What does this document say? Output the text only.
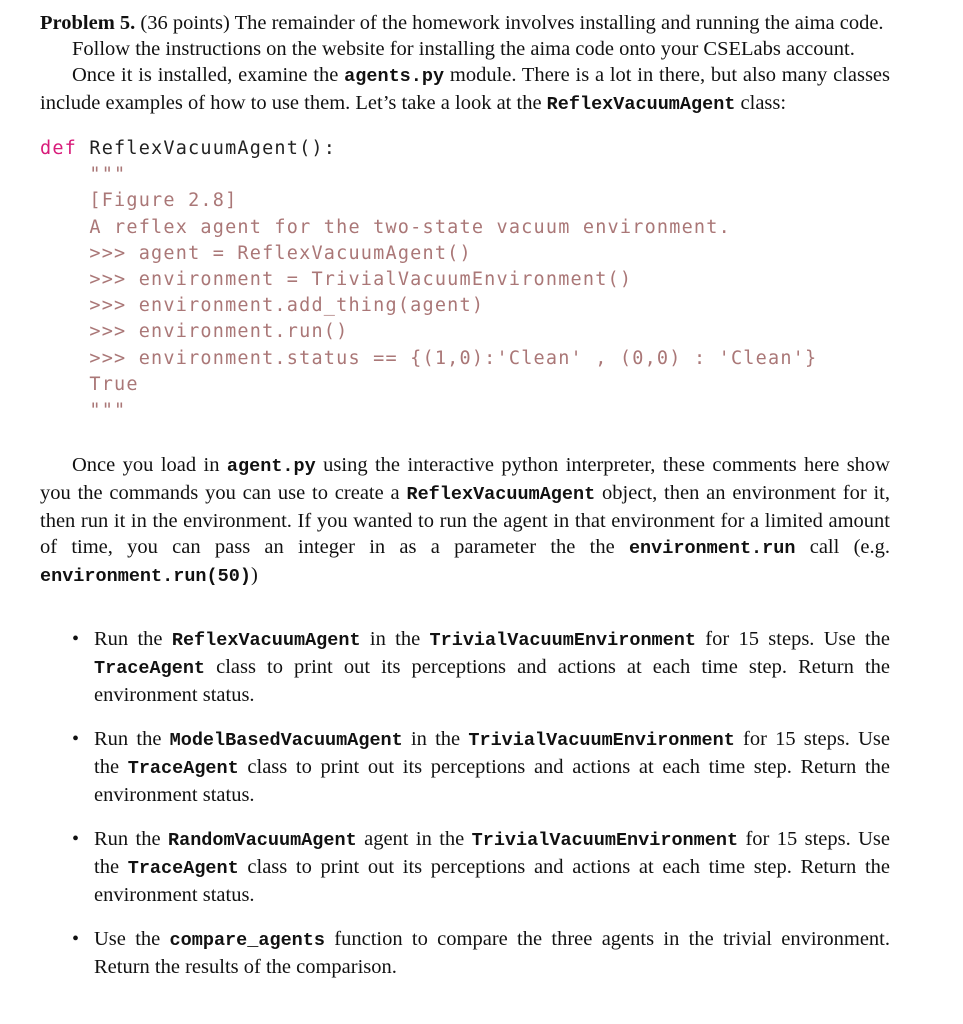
Problem 5. (36 points) The remainder of the homework involves installing and running the aima code.

Follow the instructions on the website for installing the aima code onto your CSELabs account.

Once it is installed, examine the agents.py module. There is a lot in there, but also many classes include examples of how to use them. Let’s take a look at the ReflexVacuumAgent class:

def ReflexVacuumAgent():
"""
[Figure 2.8]
A reflex agent for the two-state vacuum environment.
>>> agent = ReflexVacuumAgent()
>>> environment = TrivialVacuumEnvironment()
>>> environment.add_thing(agent)
>>> environment.run()
>>> environment.status == {(1,0):'Clean' , (0,0) : 'Clean'}
True
"""

Once you load in agent.py using the interactive python interpreter, these comments here show you the commands you can use to create a ReflexVacuumAgent object, then an environment for it, then run it in the environment. If you wanted to run the agent in that environment for a limited amount of time, you can pass an integer in as a parameter the the environment.run call (e.g. environment.run(50))

• Run the ReflexVacuumAgent in the TrivialVacuumEnvironment for 15 steps. Use the TraceAgent class to print out its perceptions and actions at each time step. Return the environment status.
• Run the ModelBasedVacuumAgent in the TrivialVacuumEnvironment for 15 steps. Use the TraceAgent class to print out its perceptions and actions at each time step. Return the environment status.
• Run the RandomVacuumAgent agent in the TrivialVacuumEnvironment for 15 steps. Use the TraceAgent class to print out its perceptions and actions at each time step. Return the environment status.
• Use the compare_agents function to compare the three agents in the trivial environment. Return the results of the comparison.
